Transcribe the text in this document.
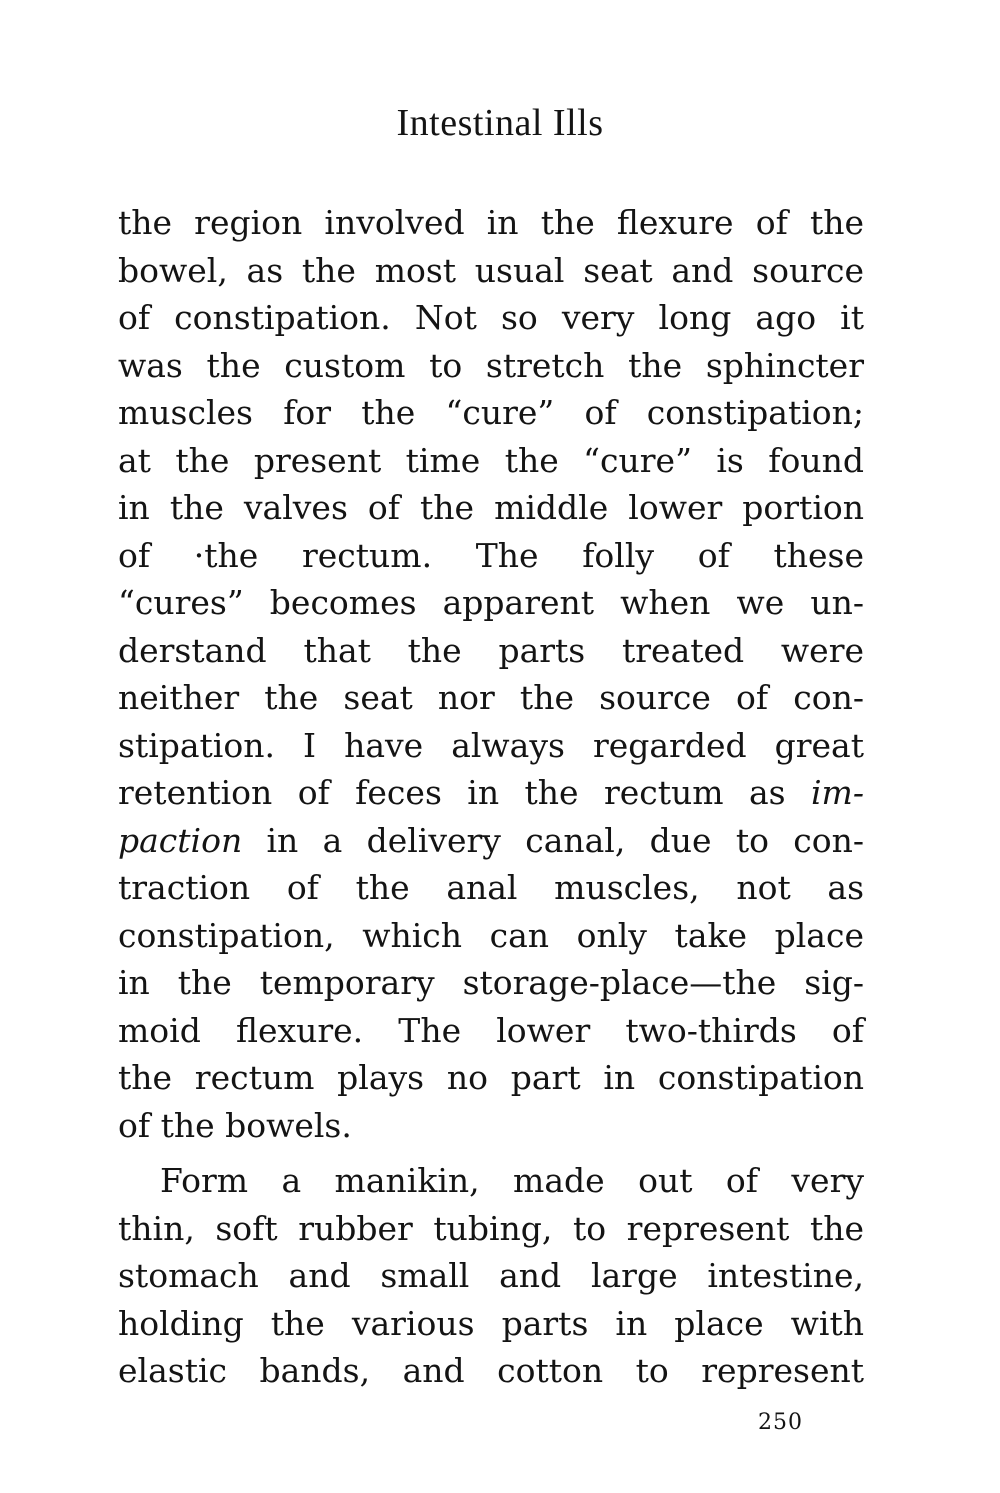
Intestinal Ills
the region involved in the flexure of the
bowel, as the most usual seat and source
of constipation. Not so very long ago it
was the custom to stretch the sphincter
muscles for the “cure” of constipation;
at the present time the “cure” is found
in the valves of the middle lower portion
of ·the rectum. The folly of these
“cures” becomes apparent when we un-
derstand that the parts treated were
neither the seat nor the source of con-
stipation. I have always regarded great
retention of feces in the rectum as im-
paction in a delivery canal, due to con-
traction of the anal muscles, not as
constipation, which can only take place
in the temporary storage-place—the sig-
moid flexure. The lower two-thirds of
the rectum plays no part in constipation
of the bowels.
Form a manikin, made out of very
thin, soft rubber tubing, to represent the
stomach and small and large intestine,
holding the various parts in place with
elastic bands, and cotton to represent
250
